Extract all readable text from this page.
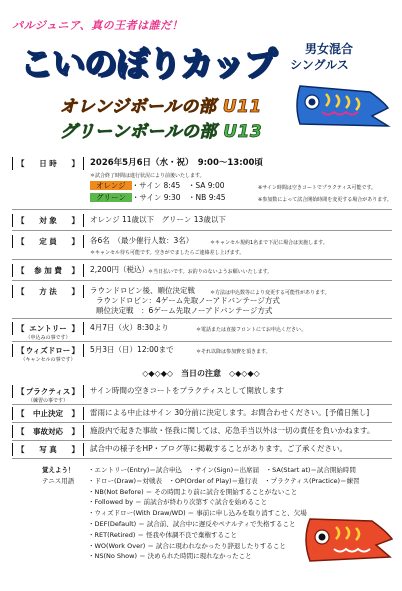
パルジュニア、真の王者は誰だ！
こいのぼりカップ 男女混合
シングルス
オレンジボールの部 U11
グリーンボールの部 U13
【 日 時 】 2026年5月6日（水・祝）　9:00～13:00頃
＊試合終了時間は進行状況により前後いたします。
オレンジ ・サイン 8:45　・SA 9:00	※サイン時間は空きコートでプラクティス可能です。
グリーン ・サイン 9:30　・NB 9:45	※参加数によって試合開始時間を変更する場合があります。
【 対 象 】 オレンジ 11歳以下　グリーン 13歳以下
【 定 員 】 各6名　（最少催行人数：3名）	＊キャンセル規約1名まで下記に場合は実施します。
＊キャンセル待ち可能です。空きがでましたらご連絡差し上げます。
【 参 加 費 】 2,200円（税込） ＊当日払いです。お釣りのないようお願いいたします。
【 方 法 】 ラウンドロビン後、順位決定戦	＊方法は申込数等により変更する可能性があります。
ラウンドロビン：4ゲーム先取ノーアドバンテージ方式
順位決定戦　：6ゲーム先取ノーアドバンテージ方式
【 エントリー 】
（申込みの事です）
4月7日（火）8:30より	＊電話または直接フロントにてお申込ください。
【 ウィズドロー 】
（キャンセルの事です）
5月3日（日）12:00まで	＊それ以降は参加費を頂きます。
◇◆◇◆◇　当日の注意　◇◆◇◆◇
【 プラクティス 】
（練習の事です）
サイン時間の空きコートをプラクティスとして開放します
【 中止決定 】 雷雨による中止はサイン 30分前に決定します。お問合わせください。[予備日無し]
【 事故対応 】 施設内で起きた事故・怪我に関しては、応急手当以外は一切の責任を負いかねます。
【 写 真 】 試合中の様子をHP・ブログ等に掲載することがあります。ご了承ください。
覚えよう！
テニス用語
・エントリー(Entry)＝試合申込　・サイン(Sign)＝出席届　・SA(Start at)＝試合開始時間
・ドロー(Draw)＝対戦表　・OP(Order of Play)＝進行表　・プラクティス(Practice)＝練習
・NB(Not Before) ＝ その時間より前に試合を開始することがないこと
・Followed by ＝ 前試合が終わり次第すぐ試合を始めること
・ウィズドロー(With Draw/WD) ＝ 事前に申し込みを取り消すこと、欠場
・DEF(Default) ＝ 試合前、試合中に遅反やペナルティで失格すること
・RET(Retired) ＝ 怪我や体調不良で棄権すること
・WO(Work Over) ＝ 試合に現われなかったり辞退したりすること
・NS(No Show) ＝ 決められた時間に現れなかったこと
